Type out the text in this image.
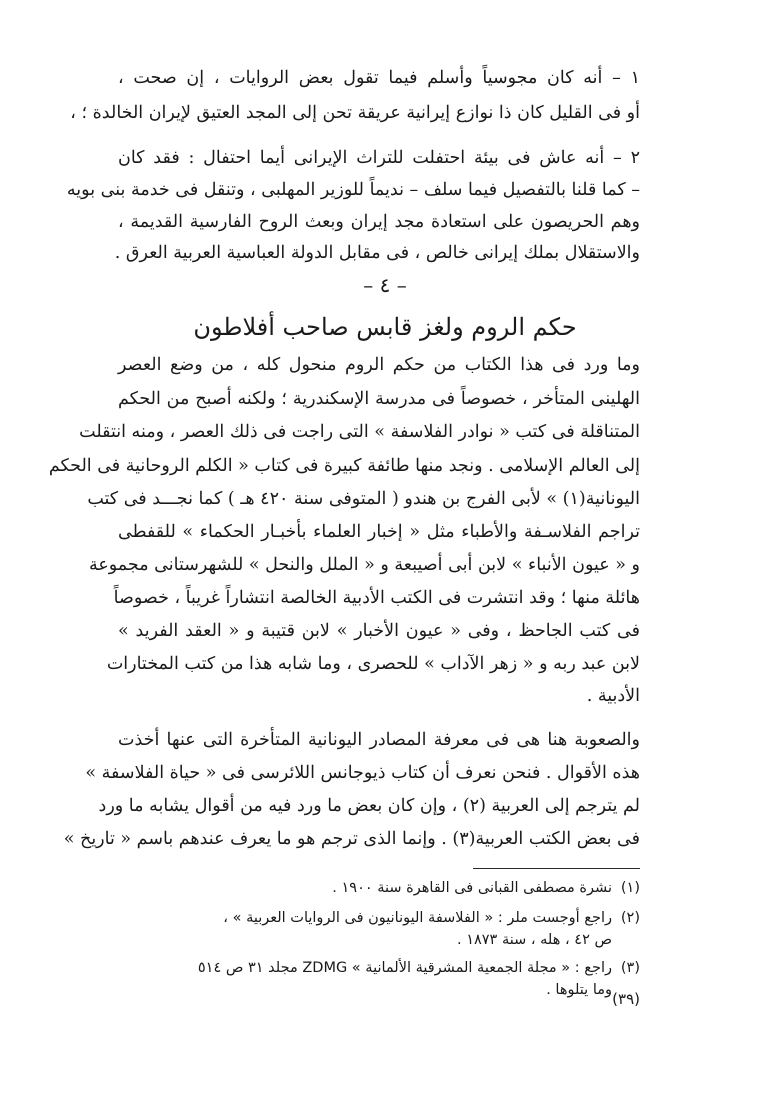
١ – أنه كان مجوسياً وأسلم فيما تقول بعض الروايات ، إن صحت ،
أو فى القليل كان ذا نوازع إيرانية عريقة تحن إلى المجد العتيق لإيران الخالدة ؛ ،
٢ – أنه عاش فى بيئة احتفلت للتراث الإيرانى أيما احتفال : فقد كان
– كما قلنا بالتفصيل فيما سلف – نديماً للوزير المهلبى ، وتنقل فى خدمة بنى بويه
وهم الحريصون على استعادة مجد إيران وبعث الروح الفارسية القديمة ،
والاستقلال بملك إيرانى خالص ، فى مقابل الدولة العباسية العربية العرق .
– ٤ –
حكم الروم ولغز قابس صاحب أفلاطون
وما ورد فى هذا الكتاب من حكم الروم منحول كله ، من وضع العصر
الهلينى المتأخر ، خصوصاً فى مدرسة الإسكندرية ؛ ولكنه أصبح من الحكم
المتناقلة فى كتب « نوادر الفلاسفة » التى راجت فى ذلك العصر ، ومنه انتقلت
إلى العالم الإسلامى . ونجد منها طائفة كبيرة فى كتاب « الكلم الروحانية فى الحكم
اليونانية(١) » لأبى الفرج بن هندو ( المتوفى سنة ٤٢٠ هـ ) كما نجـــد فى كتب
تراجم الفلاسـفة والأطباء مثل « إخبار العلماء بأخبـار الحكماء » للقفطى
و « عيون الأنباء » لابن أبى أصيبعة و « الملل والنحل » للشهرستانى مجموعة
هائلة منها ؛ وقد انتشرت فى الكتب الأدبية الخالصة انتشاراً غريباً ، خصوصاً
فى كتب الجاحظ ، وفى « عيون الأخبار » لابن قتيبة و « العقد الفريد »
لابن عبد ربه و « زهر الآداب » للحصرى ، وما شابه هذا من كتب المختارات
الأدبية .
والصعوبة هنا هى فى معرفة المصادر اليونانية المتأخرة التى عنها أخذت
هذه الأقوال . فنحن نعرف أن كتاب ذيوجانس اللائرسى فى « حياة الفلاسفة »
لم يترجم إلى العربية (٢) ، وإن كان بعض ما ورد فيه من أقوال يشابه ما ورد
فى بعض الكتب العربية(٣) . وإنما الذى ترجم هو ما يعرف عندهم باسم « تاريخ »
(١)نشرة مصطفى القبانى فى القاهرة سنة ١٩٠٠ .
(٢)راجع أوجست ملر : « الفلاسفة اليونانيون فى الروايات العربية » ،
ص ٤٢ ، هله ، سنة ١٨٧٣ .
(٣)راجع : « مجلة الجمعية المشرقية الألمانية » ZDMG مجلد ٣١ ص ٥١٤
وما يتلوها . (٣٩)
